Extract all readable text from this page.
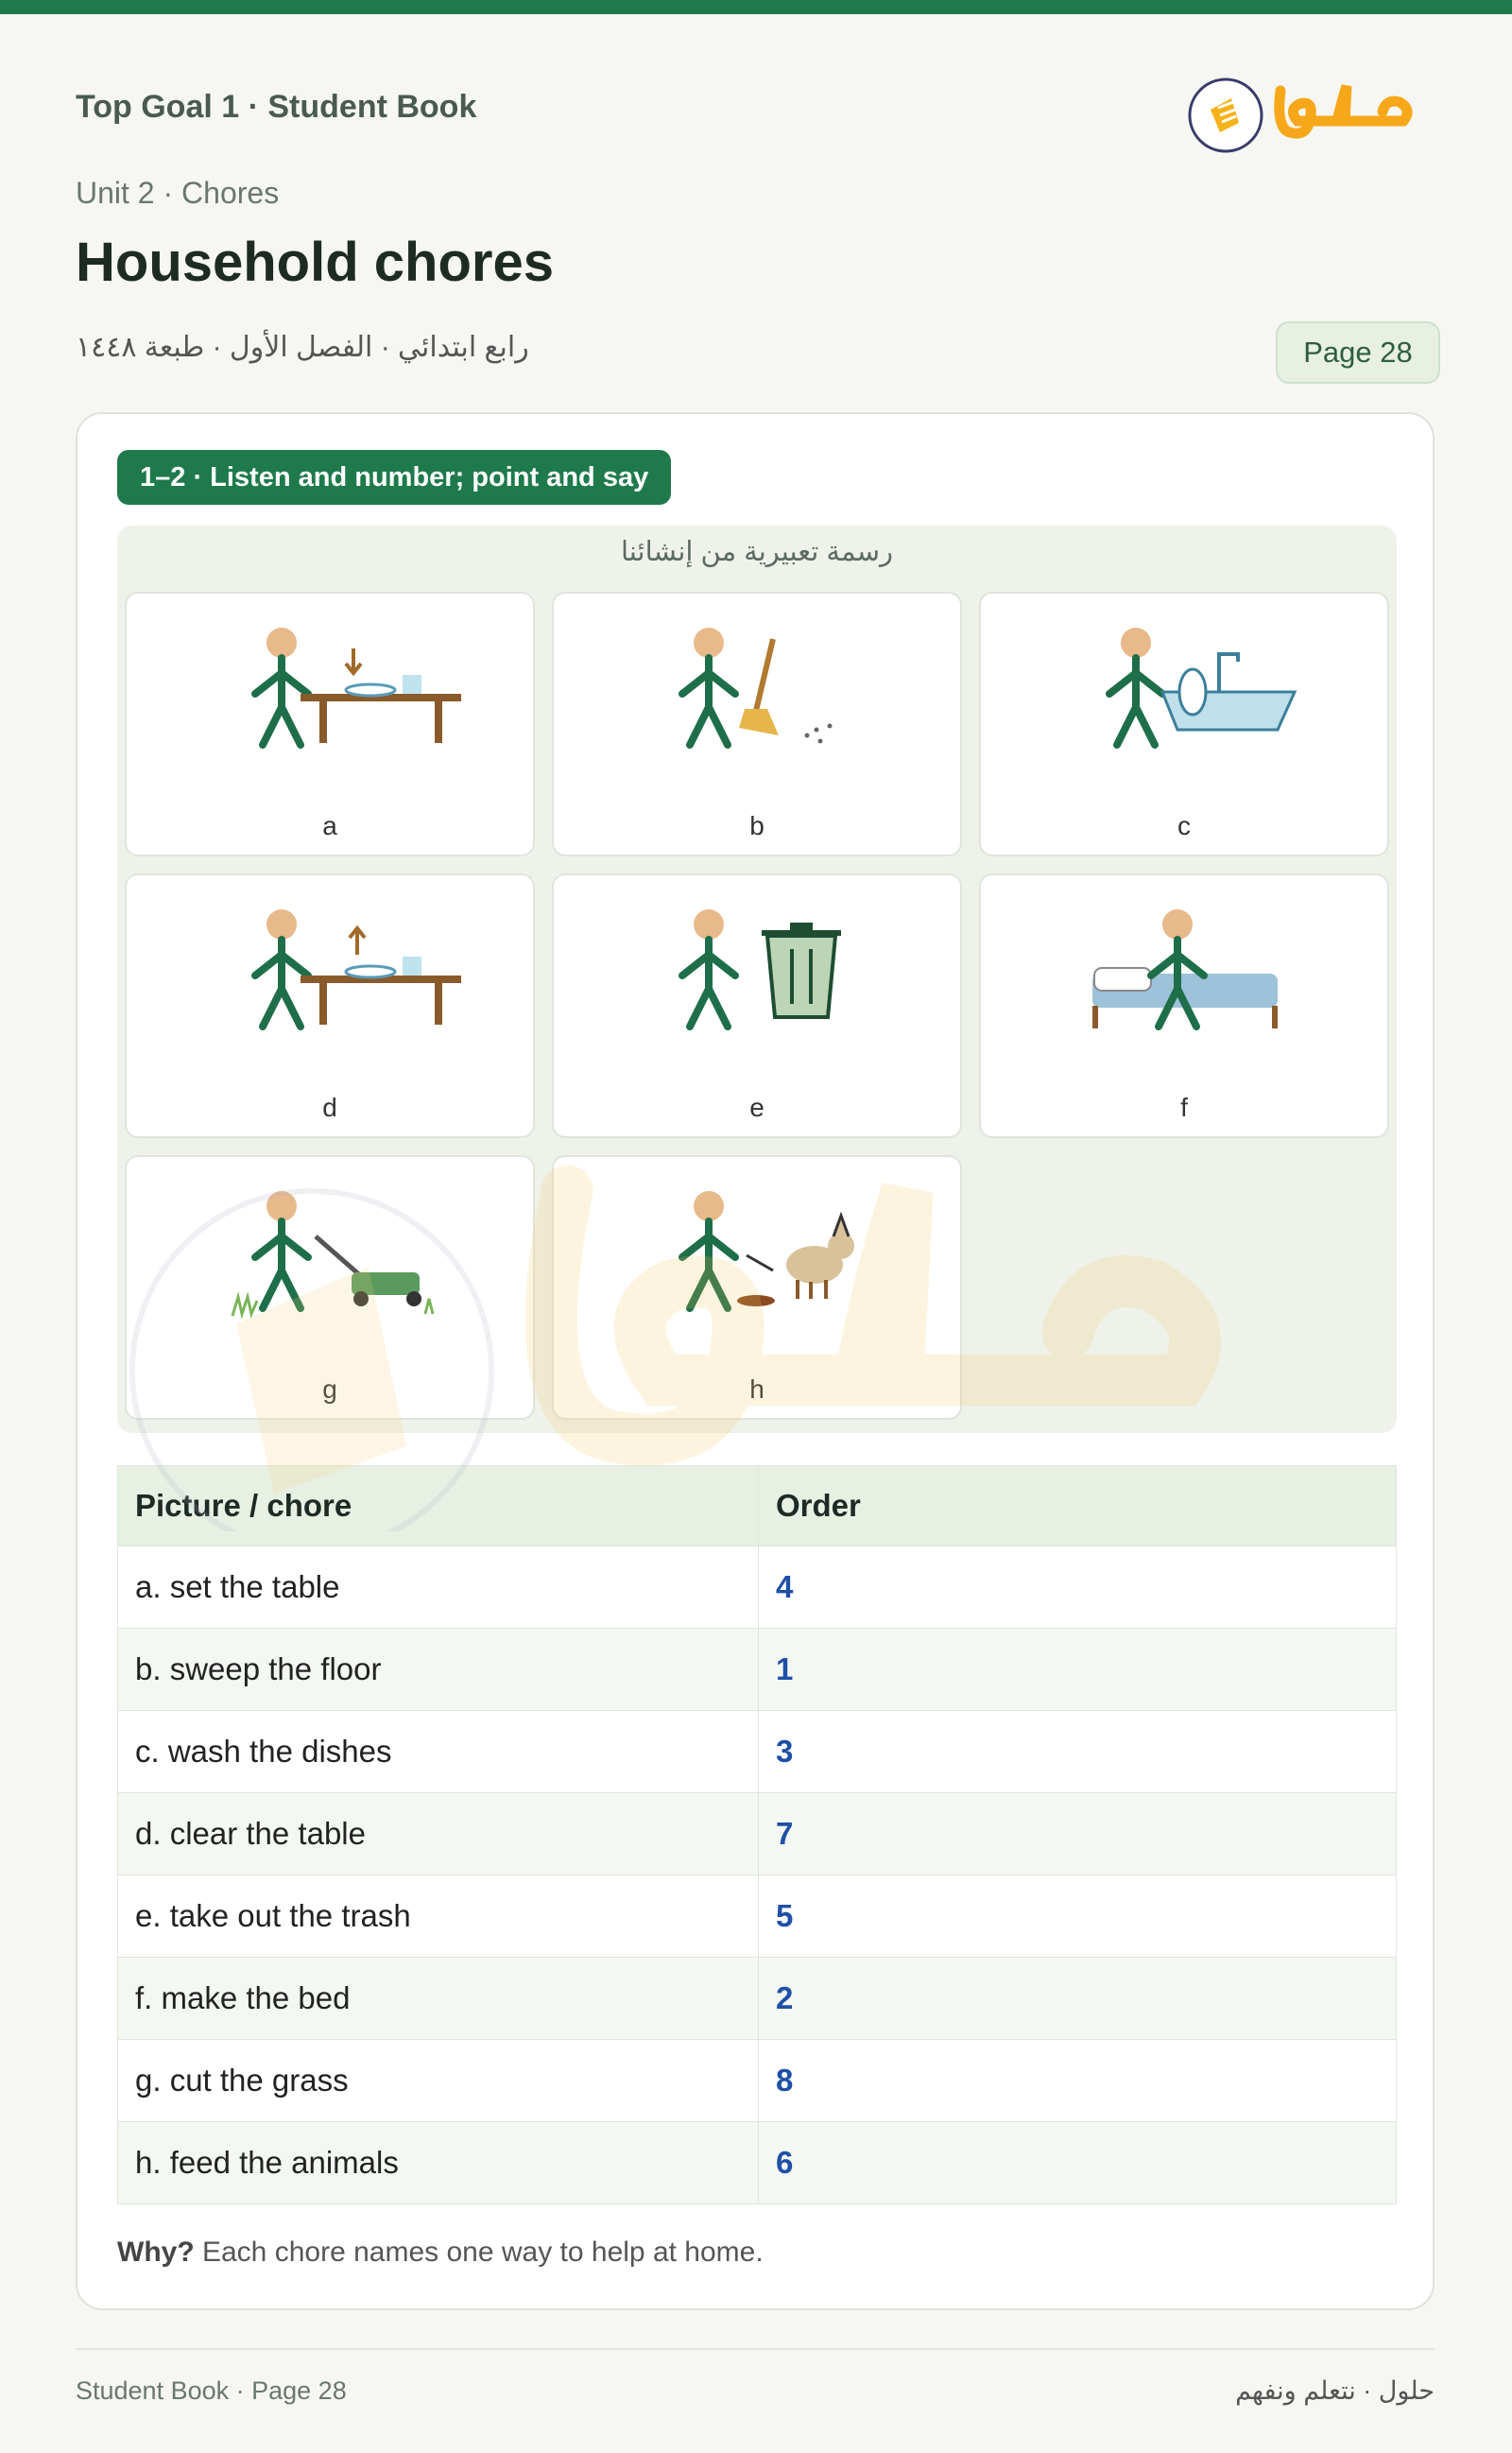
Top Goal 1 · Student Book
Unit 2 · Chores
Household chores
رابع ابتدائي · الفصل الأول · طبعة ١٤٤٨	Page 28
1–2 · Listen and number; point and say
رسمة تعبيرية من إنشائنا
a	b	c
d	e	f
g	h
Picture / chore	Order
a. set the table	4
b. sweep the floor	1
c. wash the dishes	3
d. clear the table	7
e. take out the trash	5
f. make the bed	2
g. cut the grass	8
h. feed the animals	6
Why? Each chore names one way to help at home.
Student Book · Page 28	حلول · نتعلم ونفهم
